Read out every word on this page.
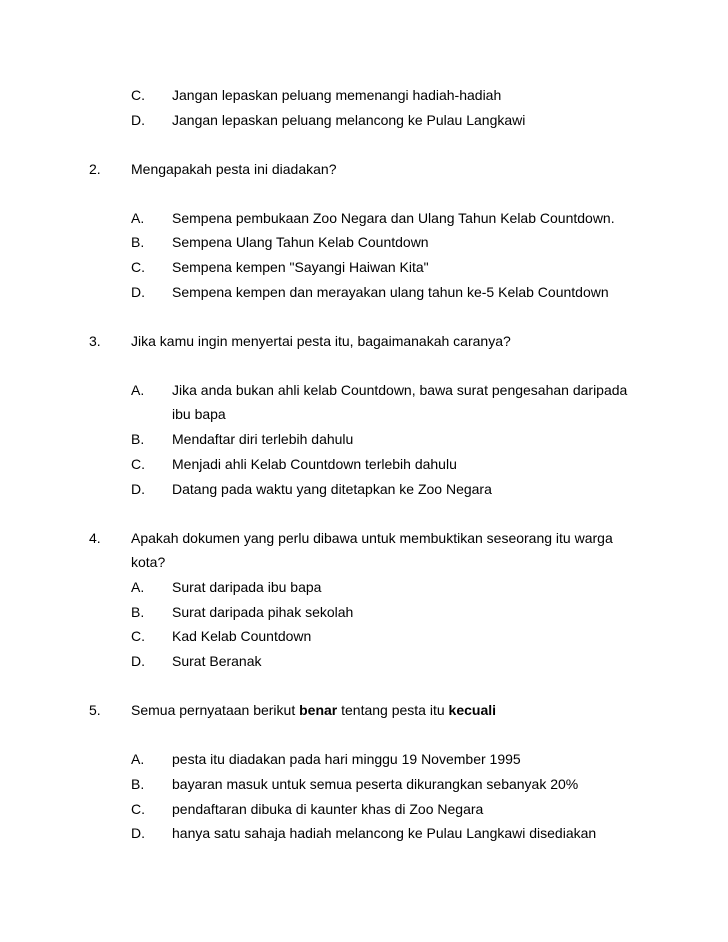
C. Jangan lepaskan peluang memenangi hadiah-hadiah
D. Jangan lepaskan peluang melancong ke Pulau Langkawi
2. Mengapakah pesta ini diadakan?
A. Sempena pembukaan Zoo Negara dan Ulang Tahun Kelab Countdown.
B. Sempena Ulang Tahun Kelab Countdown
C. Sempena kempen "Sayangi Haiwan Kita"
D. Sempena kempen dan merayakan ulang tahun ke-5 Kelab Countdown
3. Jika kamu ingin menyertai pesta itu, bagaimanakah caranya?
A. Jika anda bukan ahli kelab Countdown, bawa surat pengesahan daripada
ibu bapa
B. Mendaftar diri terlebih dahulu
C. Menjadi ahli Kelab Countdown terlebih dahulu
D. Datang pada waktu yang ditetapkan ke Zoo Negara
4. Apakah dokumen yang perlu dibawa untuk membuktikan seseorang itu warga
kota?
A. Surat daripada ibu bapa
B. Surat daripada pihak sekolah
C. Kad Kelab Countdown
D. Surat Beranak
5. Semua pernyataan berikut benar tentang pesta itu kecuali
A. pesta itu diadakan pada hari minggu 19 November 1995
B. bayaran masuk untuk semua peserta dikurangkan sebanyak 20%
C. pendaftaran dibuka di kaunter khas di Zoo Negara
D. hanya satu sahaja hadiah melancong ke Pulau Langkawi disediakan
